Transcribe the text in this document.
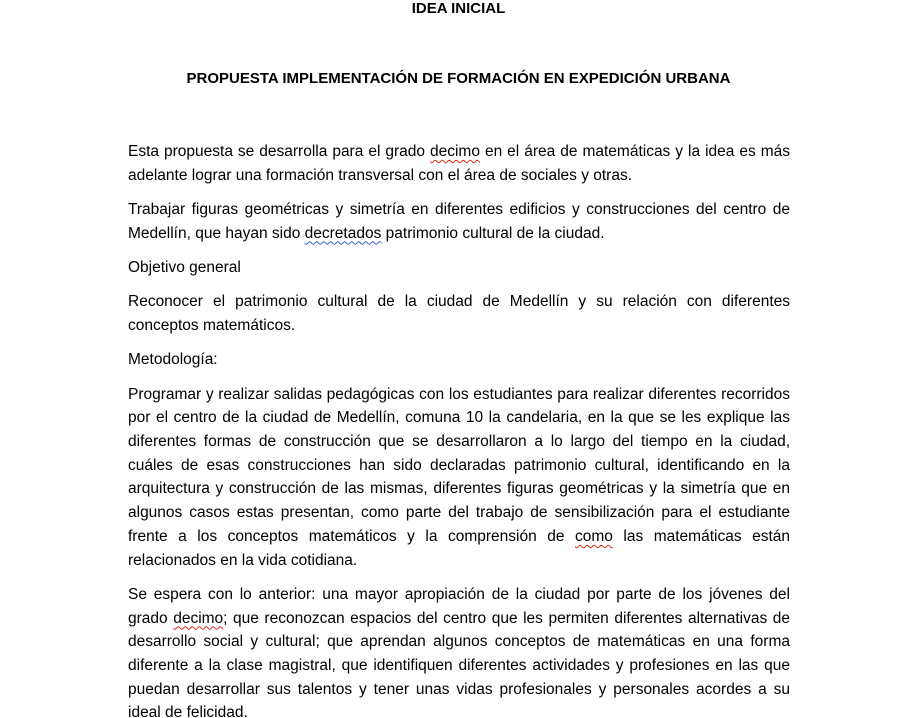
IDEA INICIAL
PROPUESTA IMPLEMENTACIÓN DE FORMACIÓN EN EXPEDICIÓN URBANA

Esta propuesta se desarrolla para el grado decimo en el área de matemáticas y la idea es más adelante lograr una formación transversal con el área de sociales y otras.

Trabajar figuras geométricas y simetría en diferentes edificios y construcciones del centro de Medellín, que hayan sido decretados patrimonio cultural de la ciudad.

Objetivo general

Reconocer el patrimonio cultural de la ciudad de Medellín y su relación con diferentes conceptos matemáticos.

Metodología:

Programar y realizar salidas pedagógicas con los estudiantes para realizar diferentes recorridos por el centro de la ciudad de Medellín, comuna 10 la candelaria, en la que se les explique las diferentes formas de construcción que se desarrollaron a lo largo del tiempo en la ciudad, cuáles de esas construcciones han sido declaradas patrimonio cultural, identificando en la arquitectura y construcción de las mismas, diferentes figuras geométricas y la simetría que en algunos casos estas presentan, como parte del trabajo de sensibilización para el estudiante frente a los conceptos matemáticos y la comprensión de como las matemáticas están relacionados en la vida cotidiana.

Se espera con lo anterior: una mayor apropiación de la ciudad por parte de los jóvenes del grado decimo; que reconozcan espacios del centro que les permiten diferentes alternativas de desarrollo social y cultural; que aprendan algunos conceptos de matemáticas en una forma diferente a la clase magistral, que identifiquen diferentes actividades y profesiones en las que puedan desarrollar sus talentos y tener unas vidas profesionales y personales acordes a su ideal de felicidad.
